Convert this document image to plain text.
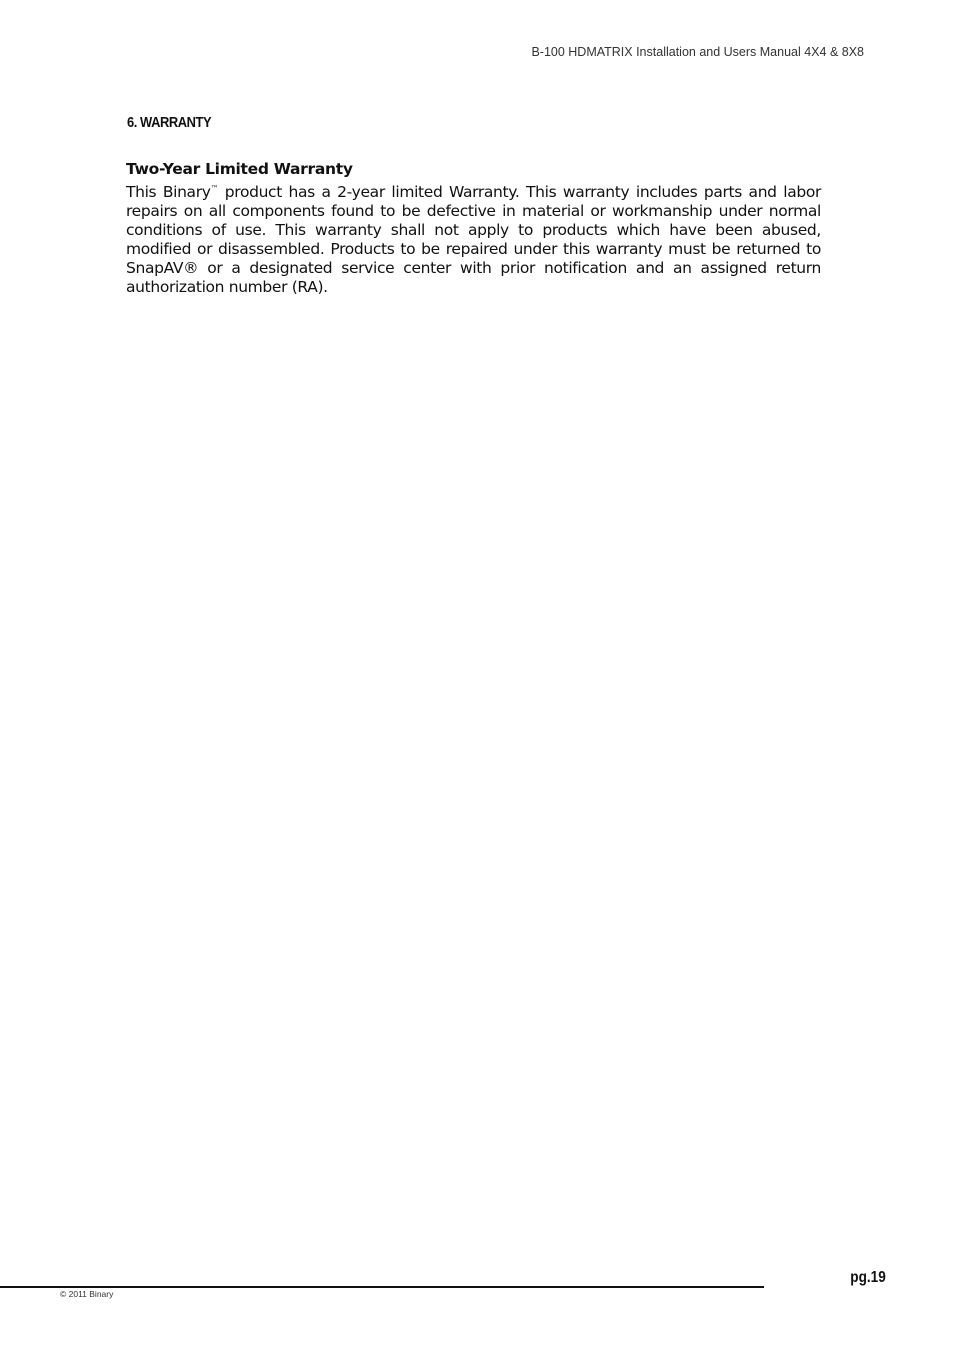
B-100 HDMATRIX Installation and Users Manual 4X4 & 8X8
6. WARRANTY
Two-Year Limited Warranty

This Binary™ product has a 2-year limited Warranty. This warranty includes parts and labor repairs on all components found to be defective in material or workmanship under normal conditions of use. This warranty shall not apply to products which have been abused, modified or disassembled. Products to be repaired under this warranty must be returned to SnapAV® or a designated service center with prior notification and an assigned return authorization number (RA).

pg.19
© 2011 Binary
